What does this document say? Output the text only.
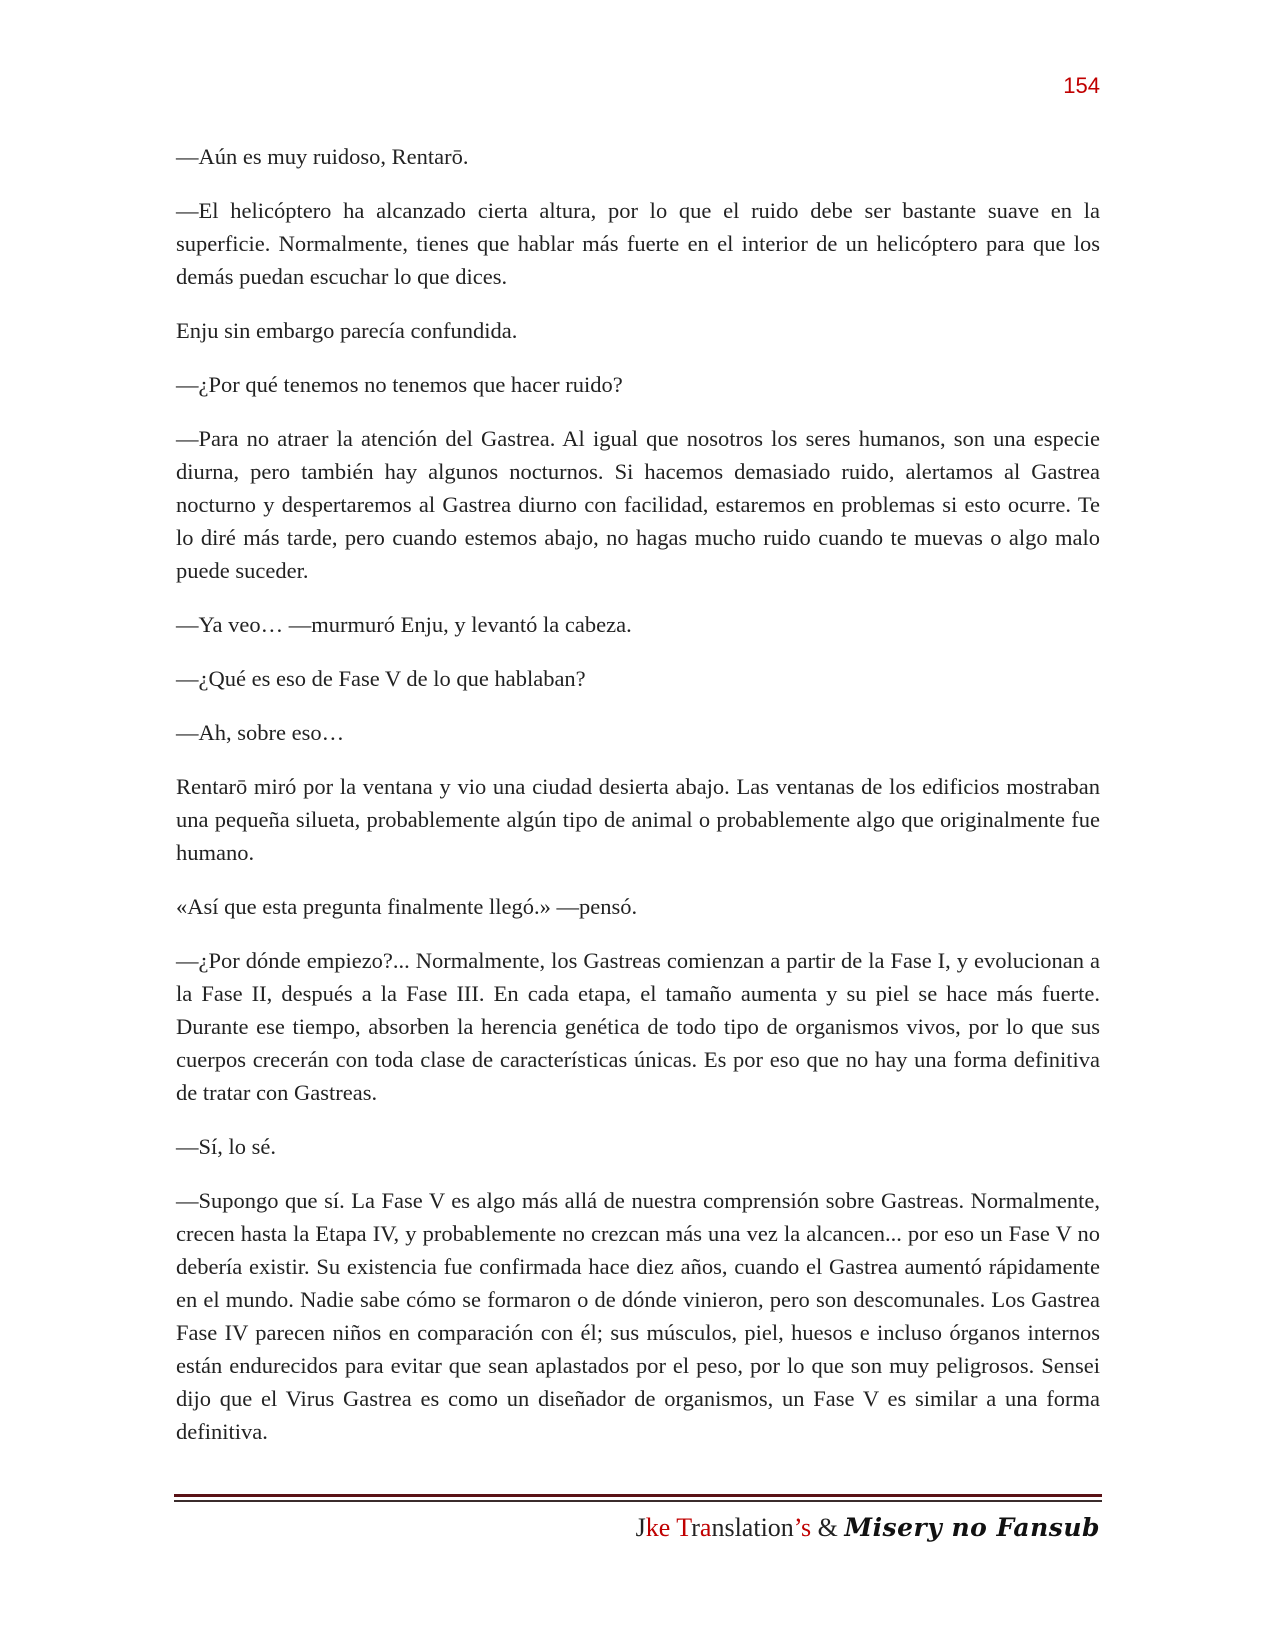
154

—Aún es muy ruidoso, Rentarō.

—El helicóptero ha alcanzado cierta altura, por lo que el ruido debe ser bastante suave en la superficie. Normalmente, tienes que hablar más fuerte en el interior de un helicóptero para que los demás puedan escuchar lo que dices.

Enju sin embargo parecía confundida.

—¿Por qué tenemos no tenemos que hacer ruido?

—Para no atraer la atención del Gastrea. Al igual que nosotros los seres humanos, son una especie diurna, pero también hay algunos nocturnos. Si hacemos demasiado ruido, alertamos al Gastrea nocturno y despertaremos al Gastrea diurno con facilidad, estaremos en problemas si esto ocurre. Te lo diré más tarde, pero cuando estemos abajo, no hagas mucho ruido cuando te muevas o algo malo puede suceder.

—Ya veo… —murmuró Enju, y levantó la cabeza.

—¿Qué es eso de Fase V de lo que hablaban?

—Ah, sobre eso…

Rentarō miró por la ventana y vio una ciudad desierta abajo. Las ventanas de los edificios mostraban una pequeña silueta, probablemente algún tipo de animal o probablemente algo que originalmente fue humano.

«Así que esta pregunta finalmente llegó.» —pensó.

—¿Por dónde empiezo?... Normalmente, los Gastreas comienzan a partir de la Fase I, y evolucionan a la Fase II, después a la Fase III. En cada etapa, el tamaño aumenta y su piel se hace más fuerte. Durante ese tiempo, absorben la herencia genética de todo tipo de organismos vivos, por lo que sus cuerpos crecerán con toda clase de características únicas. Es por eso que no hay una forma definitiva de tratar con Gastreas.

—Sí, lo sé.

—Supongo que sí. La Fase V es algo más allá de nuestra comprensión sobre Gastreas. Normalmente, crecen hasta la Etapa IV, y probablemente no crezcan más una vez la alcancen... por eso un Fase V no debería existir. Su existencia fue confirmada hace diez años, cuando el Gastrea aumentó rápidamente en el mundo. Nadie sabe cómo se formaron o de dónde vinieron, pero son descomunales. Los Gastrea Fase IV parecen niños en comparación con él; sus músculos, piel, huesos e incluso órganos internos están endurecidos para evitar que sean aplastados por el peso, por lo que son muy peligrosos. Sensei dijo que el Virus Gastrea es como un diseñador de organismos, un Fase V es similar a una forma definitiva.

Jke Translation’s & Misery no Fansub
